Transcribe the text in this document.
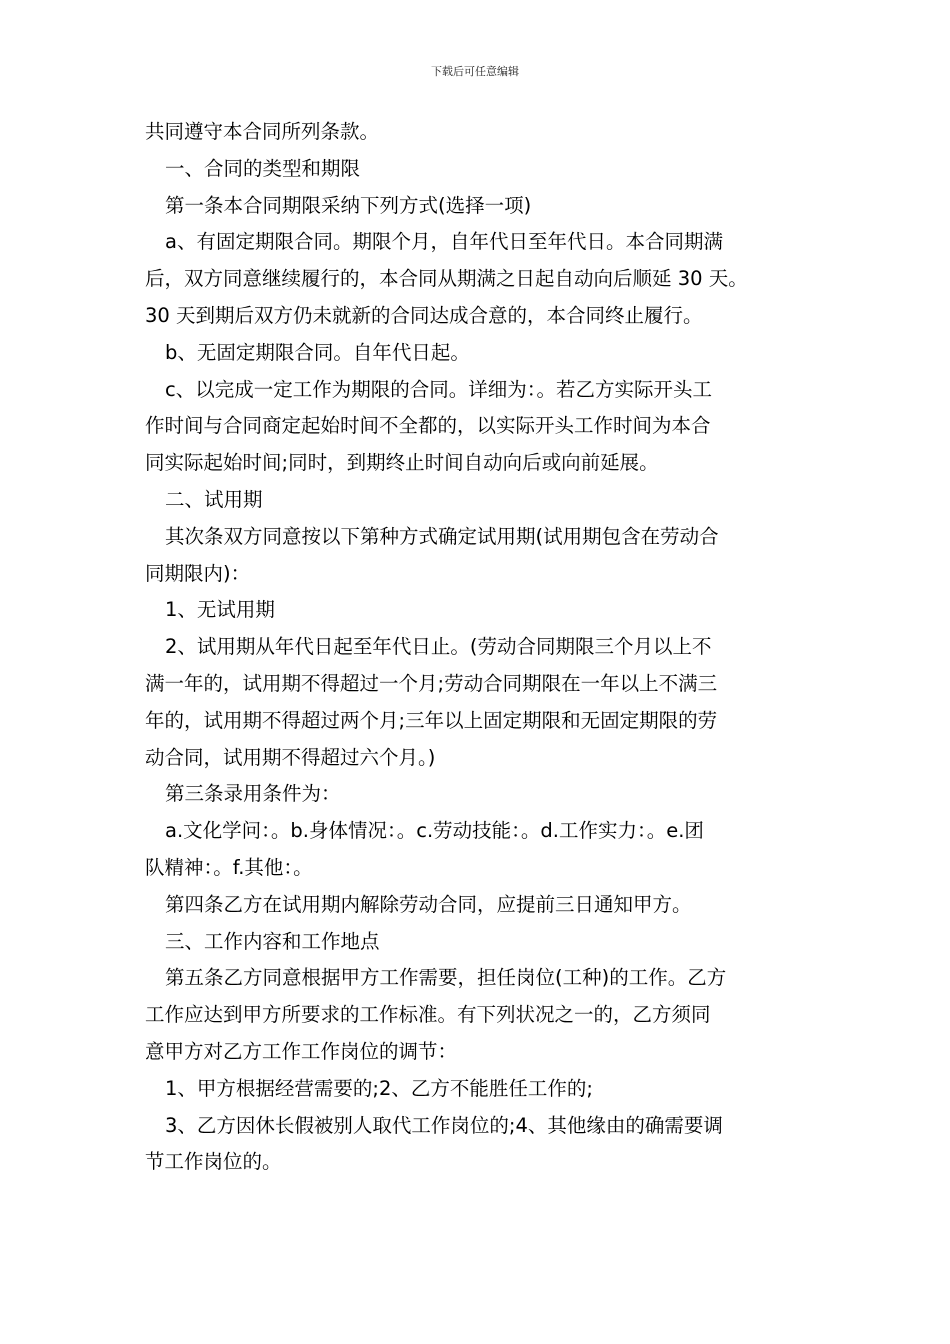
下载后可任意编辑

共同遵守本合同所列条款。

一、合同的类型和期限

第一条本合同期限采纳下列方式(选择一项)

a、有固定期限合同。期限个月，自年代日至年代日。本合同期满

后，双方同意继续履行的，本合同从期满之日起自动向后顺延 30 天。

30 天到期后双方仍未就新的合同达成合意的，本合同终止履行。

b、无固定期限合同。自年代日起。

c、以完成一定工作为期限的合同。详细为：。若乙方实际开头工

作时间与合同商定起始时间不全都的，以实际开头工作时间为本合

同实际起始时间;同时，到期终止时间自动向后或向前延展。

二、试用期

其次条双方同意按以下第种方式确定试用期(试用期包含在劳动合

同期限内)：

1、无试用期

2、试用期从年代日起至年代日止。(劳动合同期限三个月以上不

满一年的，试用期不得超过一个月;劳动合同期限在一年以上不满三

年的，试用期不得超过两个月;三年以上固定期限和无固定期限的劳

动合同，试用期不得超过六个月。)

第三条录用条件为：

a.文化学问：。b.身体情况：。c.劳动技能：。d.工作实力：。e.团

队精神：。f.其他：。

第四条乙方在试用期内解除劳动合同，应提前三日通知甲方。

三、工作内容和工作地点

第五条乙方同意根据甲方工作需要，担任岗位(工种)的工作。乙方

工作应达到甲方所要求的工作标准。有下列状况之一的，乙方须同

意甲方对乙方工作工作岗位的调节：

1、甲方根据经营需要的;2、乙方不能胜任工作的;

3、乙方因休长假被别人取代工作岗位的;4、其他缘由的确需要调

节工作岗位的。
